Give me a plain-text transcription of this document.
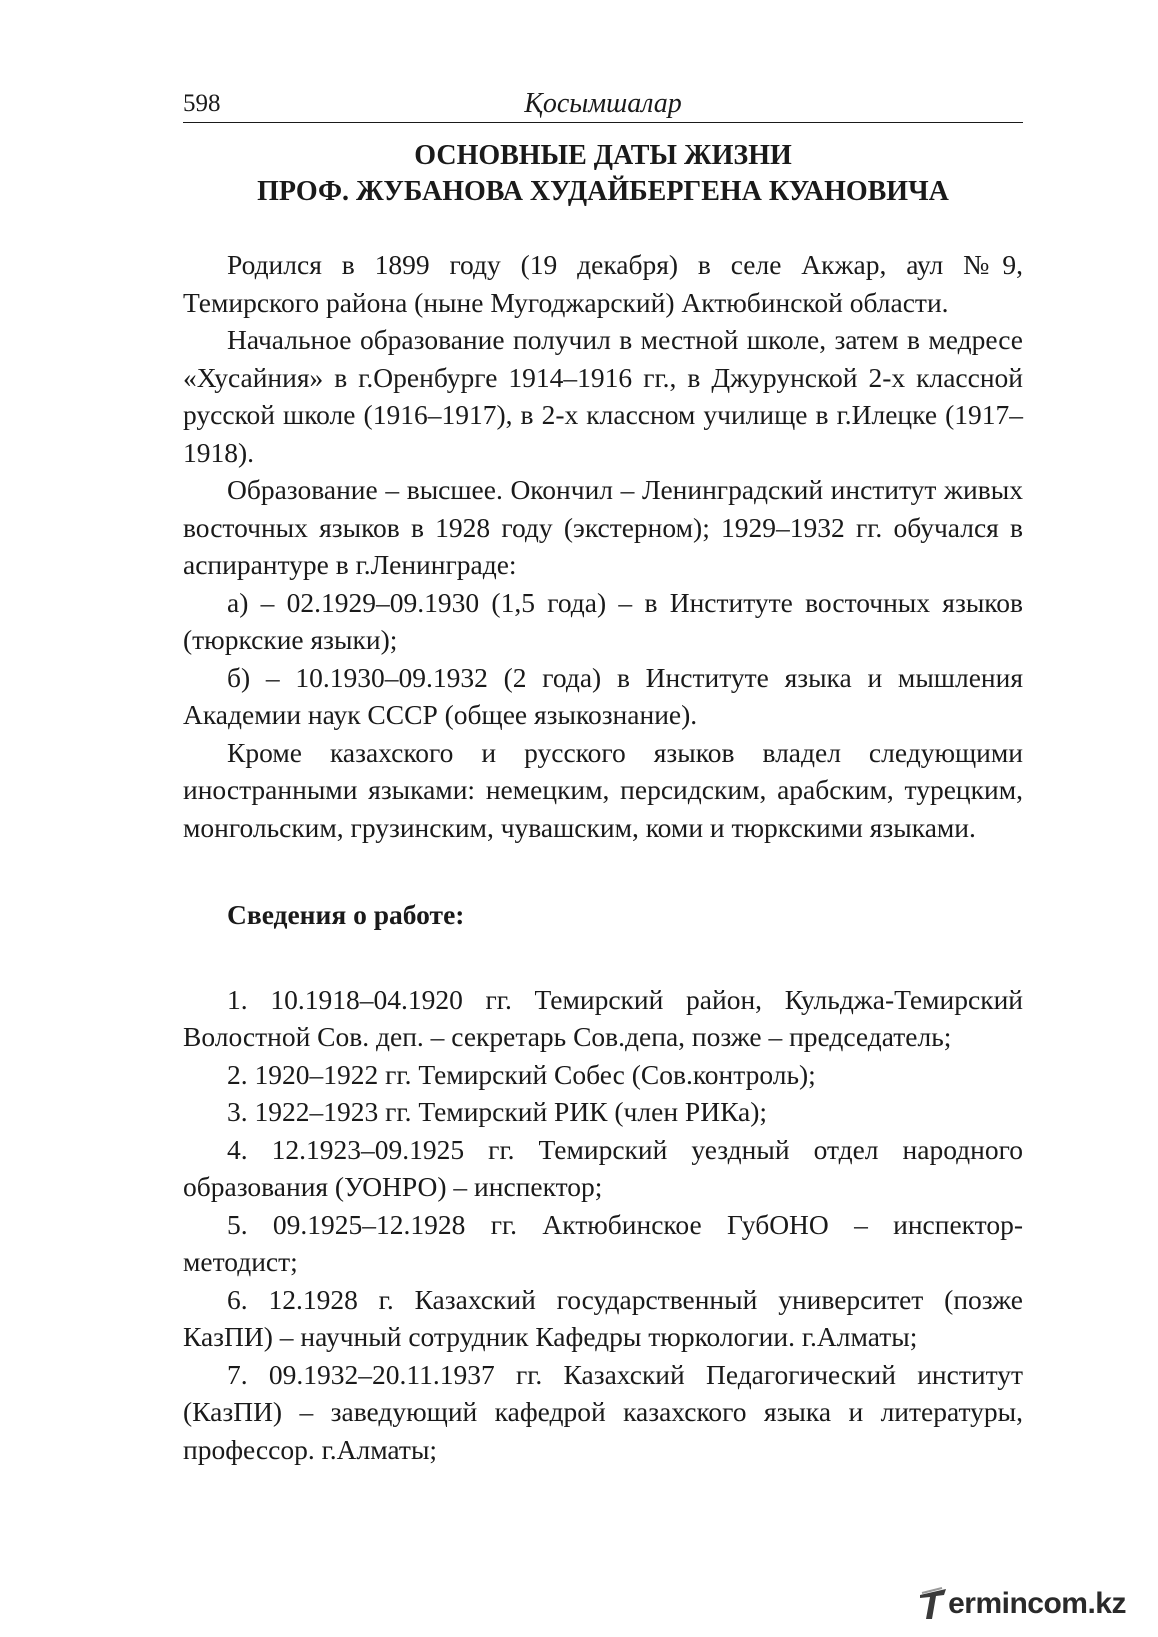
598	Қосымшалар
ОСНОВНЫЕ ДАТЫ ЖИЗНИ
ПРОФ. ЖУБАНОВА ХУДАЙБЕРГЕНА КУАНОВИЧА

Родился в 1899 году (19 декабря) в селе Акжар, аул №9, Темирского района (ныне Мугоджарский) Актюбинской области.

Начальное образование получил в местной школе, затем в медресе «Хусайния» в г.Оренбурге 1914–1916 гг., в Джурунской 2-х классной русской школе (1916–1917), в 2-х классном училище в г.Илецке (1917–1918).

Образование – высшее. Окончил – Ленинградский институт живых восточных языков в 1928 году (экстерном); 1929–1932 гг. обучался в аспирантуре в г.Ленинграде:

а) – 02.1929–09.1930 (1,5 года) – в Институте восточных языков (тюркские языки);

б) – 10.1930–09.1932 (2 года) в Институте языка и мышления Академии наук СССР (общее языкознание).

Кроме казахского и русского языков владел следующими иностранными языками: немецким, персидским, арабским, турецким, монгольским, грузинским, чувашским, коми и тюркскими языками.

Сведения о работе:

1. 10.1918–04.1920 гг. Темирский район, Кульджа-Темирский Волостной Сов. деп. – секретарь Сов.депа, позже – председатель;

2. 1920–1922 гг. Темирский Собес (Сов.контроль);

3. 1922–1923 гг. Темирский РИК (член РИКа);

4. 12.1923–09.1925 гг. Темирский уездный отдел народного образования (УОНРО) – инспектор;

5. 09.1925–12.1928 гг. Актюбинское ГубОНО – инспектор-методист;

6. 12.1928 г. Казахский государственный университет (позже КазПИ) – научный сотрудник Кафедры тюркологии. г.Алматы;

7. 09.1932–20.11.1937 гг. Казахский Педагогический институт (КазПИ) – заведующий кафедрой казахского языка и литературы, профессор. г.Алматы;

ermincom.kz
